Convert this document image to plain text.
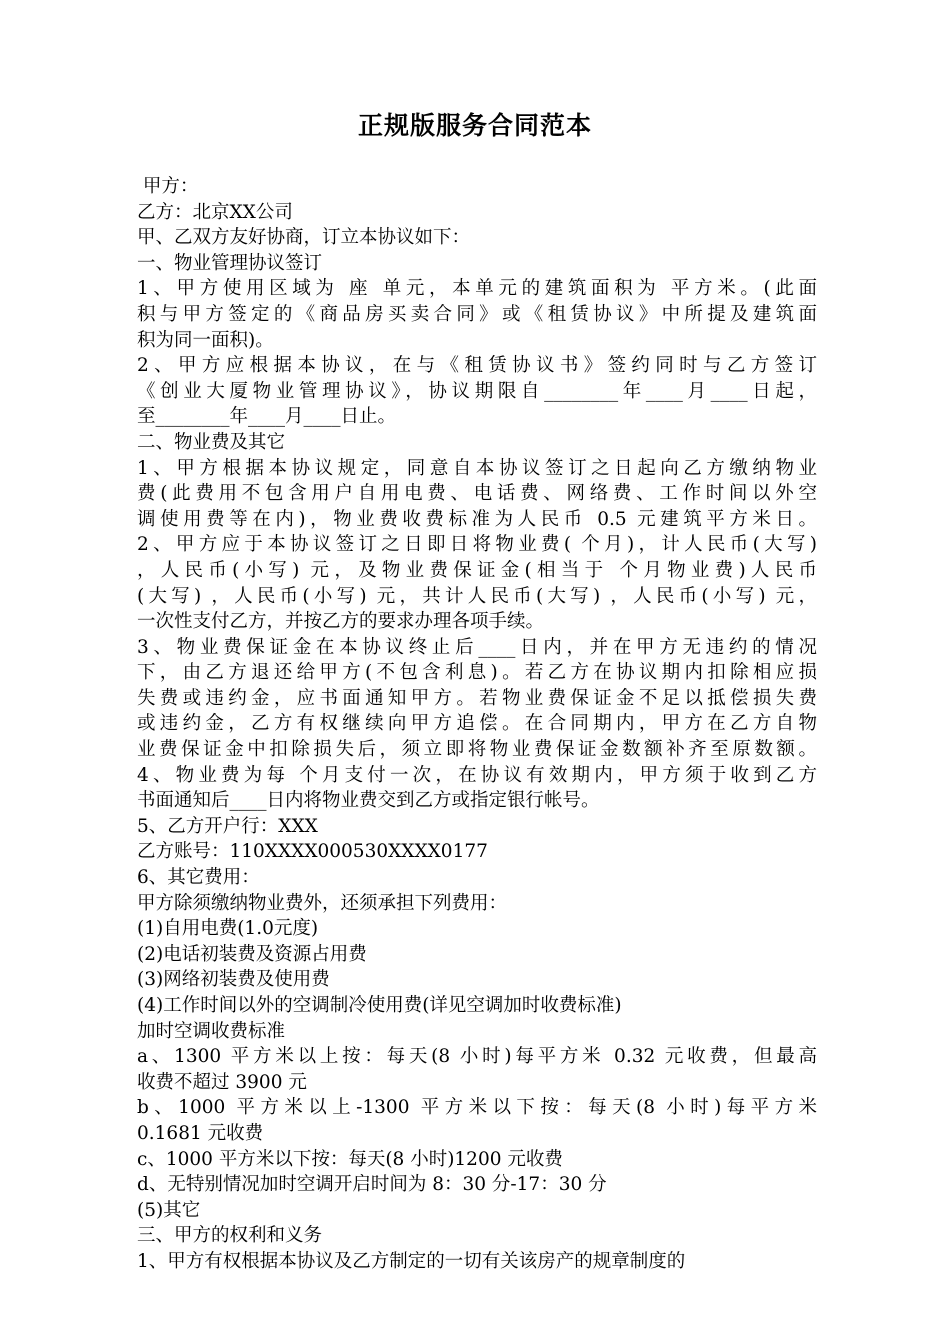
正规版服务合同范本
甲方：
乙方：北京XX公司
甲、乙双方友好协商，订立本协议如下：
一、物业管理协议签订
1、甲方使用区域为 座 单元，本单元的建筑面积为 平方米。(此面
积与甲方签定的《商品房买卖合同》或《租赁协议》中所提及建筑面
积为同一面积)。
2、甲方应根据本协议，在与《租赁协议书》签约同时与乙方签订
《创业大厦物业管理协议》，协议期限自________年____月____日起，
至________年____月____日止。
二、物业费及其它
1、甲方根据本协议规定，同意自本协议签订之日起向乙方缴纳物业
费(此费用不包含用户自用电费、电话费、网络费、工作时间以外空
调使用费等在内)，物业费收费标准为人民币 0.5 元建筑平方米日。
2、甲方应于本协议签订之日即日将物业费( 个月)，计人民币(大写)
，人民币(小写) 元，及物业费保证金(相当于 个月物业费)人民币
(大写) ，人民币(小写) 元，共计人民币(大写) ，人民币(小写) 元，
一次性支付乙方，并按乙方的要求办理各项手续。
3、物业费保证金在本协议终止后____日内，并在甲方无违约的情况
下，由乙方退还给甲方(不包含利息)。若乙方在协议期内扣除相应损
失费或违约金，应书面通知甲方。若物业费保证金不足以抵偿损失费
或违约金，乙方有权继续向甲方追偿。在合同期内，甲方在乙方自物
业费保证金中扣除损失后，须立即将物业费保证金数额补齐至原数额。
4、物业费为每 个月支付一次，在协议有效期内，甲方须于收到乙方
书面通知后____日内将物业费交到乙方或指定银行帐号。
5、乙方开户行：XXX
乙方账号：110XXXX000530XXXX0177
6、其它费用：
甲方除须缴纳物业费外，还须承担下列费用：
(1)自用电费(1.0元度)
(2)电话初装费及资源占用费
(3)网络初装费及使用费
(4)工作时间以外的空调制冷使用费(详见空调加时收费标准)
加时空调收费标准
a、1300 平方米以上按：每天(8 小时)每平方米 0.32 元收费，但最高
收费不超过 3900 元
b、1000 平方米以上-1300 平方米以下按：每天(8 小时)每平方米
0.1681 元收费
c、1000 平方米以下按：每天(8 小时)1200 元收费
d、无特别情况加时空调开启时间为 8：30 分-17：30 分
(5)其它
三、甲方的权利和义务
1、甲方有权根据本协议及乙方制定的一切有关该房产的规章制度的
